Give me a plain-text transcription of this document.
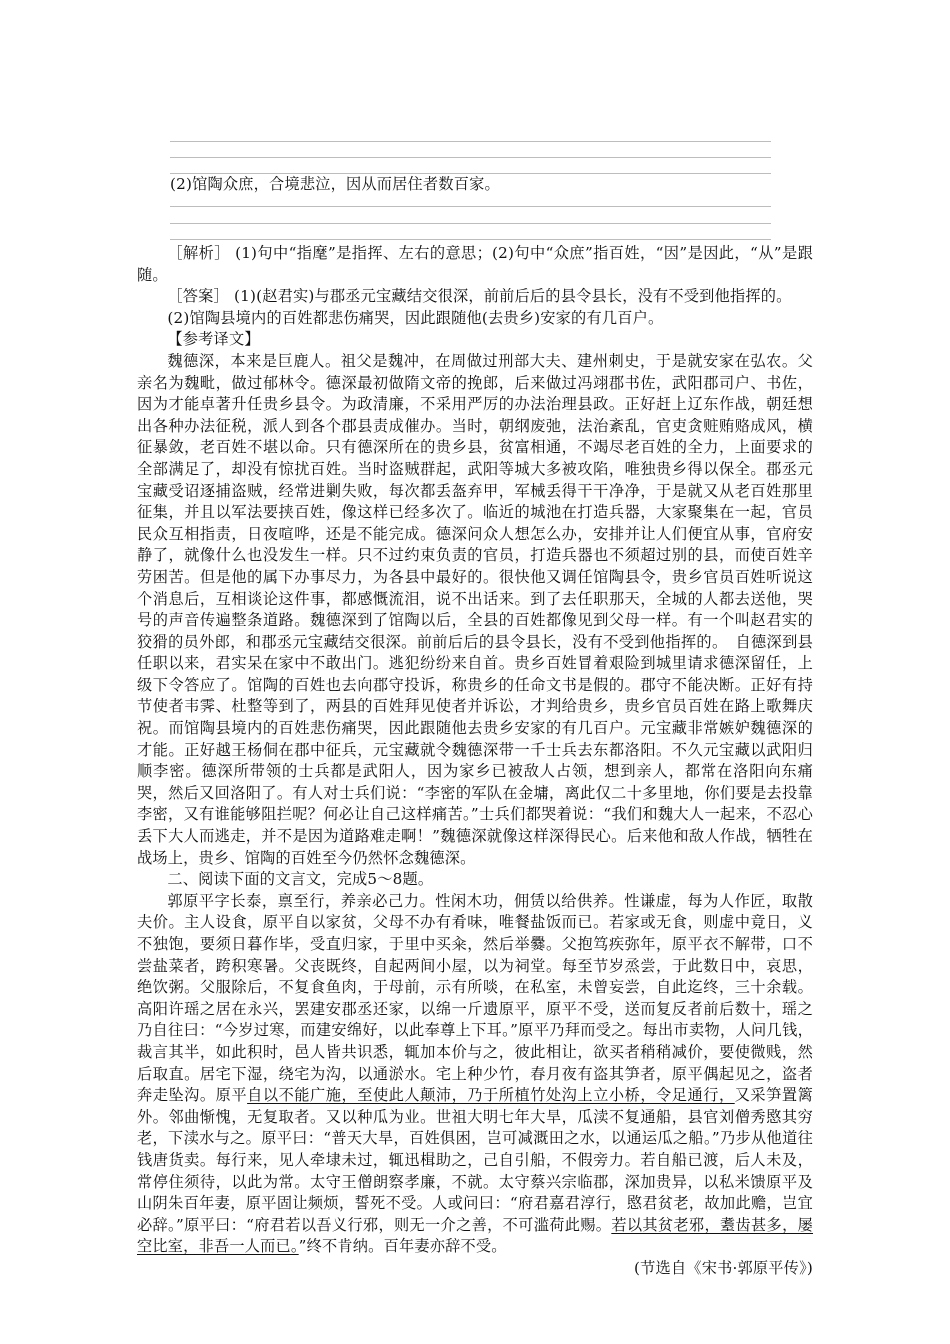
(2)馆陶众庶，合境悲泣，因从而居住者数百家。

［解析］ (1)句中“指麾”是指挥、左右的意思；(2)句中“众庶”指百姓，“因”是因此，“从”是跟随。

［答案］ (1)(赵君实)与郡丞元宝藏结交很深，前前后后的县令县长，没有不受到他指挥的。

(2)馆陶县境内的百姓都悲伤痛哭，因此跟随他(去贵乡)安家的有几百户。

【参考译文】

魏德深，本来是巨鹿人。祖父是魏冲，在周做过刑部大夫、建州刺史，于是就安家在弘农。父亲名为魏毗，做过郁林令。德深最初做隋文帝的挽郎，后来做过冯翊郡书佐，武阳郡司户、书佐，因为才能卓著升任贵乡县令。为政清廉，不采用严厉的办法治理县政。正好赶上辽东作战，朝廷想出各种办法征税，派人到各个郡县责成催办。当时，朝纲废弛，法治紊乱，官吏贪赃贿赂成风，横征暴敛，老百姓不堪以命。只有德深所在的贵乡县，贫富相通，不竭尽老百姓的全力，上面要求的全部满足了，却没有惊扰百姓。当时盗贼群起，武阳等城大多被攻陷，唯独贵乡得以保全。郡丞元宝藏受诏逐捕盗贼，经常进剿失败，每次都丢盔弃甲，军械丢得干干净净，于是就又从老百姓那里征集，并且以军法要挟百姓，像这样已经多次了。临近的城池在打造兵器，大家聚集在一起，官员民众互相指责，日夜喧哗，还是不能完成。德深问众人想怎么办，安排并让人们便宜从事，官府安静了，就像什么也没发生一样。只不过约束负责的官员，打造兵器也不须超过别的县，而使百姓辛劳困苦。但是他的属下办事尽力，为各县中最好的。很快他又调任馆陶县令，贵乡官员百姓听说这个消息后，互相谈论这件事，都感慨流泪，说不出话来。到了去任职那天，全城的人都去送他，哭号的声音传遍整条道路。魏德深到了馆陶以后，全县的百姓都像见到父母一样。有一个叫赵君实的狡猾的员外郎，和郡丞元宝藏结交很深。前前后后的县令县长，没有不受到他指挥的。　自德深到县任职以来，君实呆在家中不敢出门。逃犯纷纷来自首。贵乡百姓冒着艰险到城里请求德深留任，上级下令答应了。馆陶的百姓也去向郡守投诉，称贵乡的任命文书是假的。郡守不能决断。正好有持节使者韦霁、杜整等到了，两县的百姓拜见使者并诉讼，才判给贵乡，贵乡官员百姓在路上歌舞庆祝。而馆陶县境内的百姓悲伤痛哭，因此跟随他去贵乡安家的有几百户。元宝藏非常嫉妒魏德深的才能。正好越王杨侗在郡中征兵，元宝藏就令魏德深带一千士兵去东都洛阳。不久元宝藏以武阳归顺李密。德深所带领的士兵都是武阳人，因为家乡已被敌人占领，想到亲人，都常在洛阳向东痛哭，然后又回洛阳了。有人对士兵们说：“李密的军队在金墉，离此仅二十多里地，你们要是去投靠李密，又有谁能够阻拦呢？何必让自己这样痛苦。”士兵们都哭着说：“我们和魏大人一起来，不忍心丢下大人而逃走，并不是因为道路难走啊！”魏德深就像这样深得民心。后来他和敌人作战，牺牲在战场上，贵乡、馆陶的百姓至今仍然怀念魏德深。

二、阅读下面的文言文，完成5～8题。

郭原平字长泰，禀至行，养亲必己力。性闲木功，佣赁以给供养。性谦虚，每为人作匠，取散夫价。主人设食，原平自以家贫，父母不办有肴味，唯餐盐饭而已。若家或无食，则虚中竟日，义不独饱，要须日暮作毕，受直归家，于里中买籴，然后举爨。父抱笃疾弥年，原平衣不解带，口不尝盐菜者，跨积寒暑。父丧既终，自起两间小屋，以为祠堂。每至节岁烝尝，于此数日中，哀思，绝饮粥。父服除后，不复食鱼肉，于母前，示有所啖，在私室，未曾妄尝，自此迄终，三十余载。高阳许瑶之居在永兴，罢建安郡丞还家，以绵一斤遗原平，原平不受，送而复反者前后数十，瑶之乃自往曰：“今岁过寒，而建安绵好，以此奉尊上下耳。”原平乃拜而受之。每出市卖物，人问几钱，裁言其半，如此积时，邑人皆共识悉，辄加本价与之，彼此相让，欲买者稍稍减价，要使微贱，然后取直。居宅下湿，绕宅为沟，以通淤水。宅上种少竹，春月夜有盗其笋者，原平偶起见之，盗者奔走坠沟。原平自以不能广施，至使此人颠沛，乃于所植竹处沟上立小桥，令足通行，又采笋置篱外。邻曲惭愧，无复取者。又以种瓜为业。世祖大明七年大旱，瓜渎不复通船，县官刘僧秀愍其穷老，下渎水与之。原平曰：“普天大旱，百姓俱困，岂可减溉田之水，以通运瓜之船。”乃步从他道往钱唐货卖。每行来，见人牵埭未过，辄迅楫助之，己自引船，不假旁力。若自船已渡，后人未及，常停住须待，以此为常。太守王僧朗察孝廉，不就。太守蔡兴宗临郡，深加贵异，以私米馈原平及山阴朱百年妻，原平固让频烦，誓死不受。人或问曰：“府君嘉君淳行，愍君贫老，故加此赡，岂宜必辞。”原平曰：“府君若以吾义行邪，则无一介之善，不可滥荷此赐。若以其贫老邪，耋齿甚多，屡空比室，非吾一人而已。”终不肯纳。百年妻亦辞不受。

(节选自《宋书·郭原平传》)
